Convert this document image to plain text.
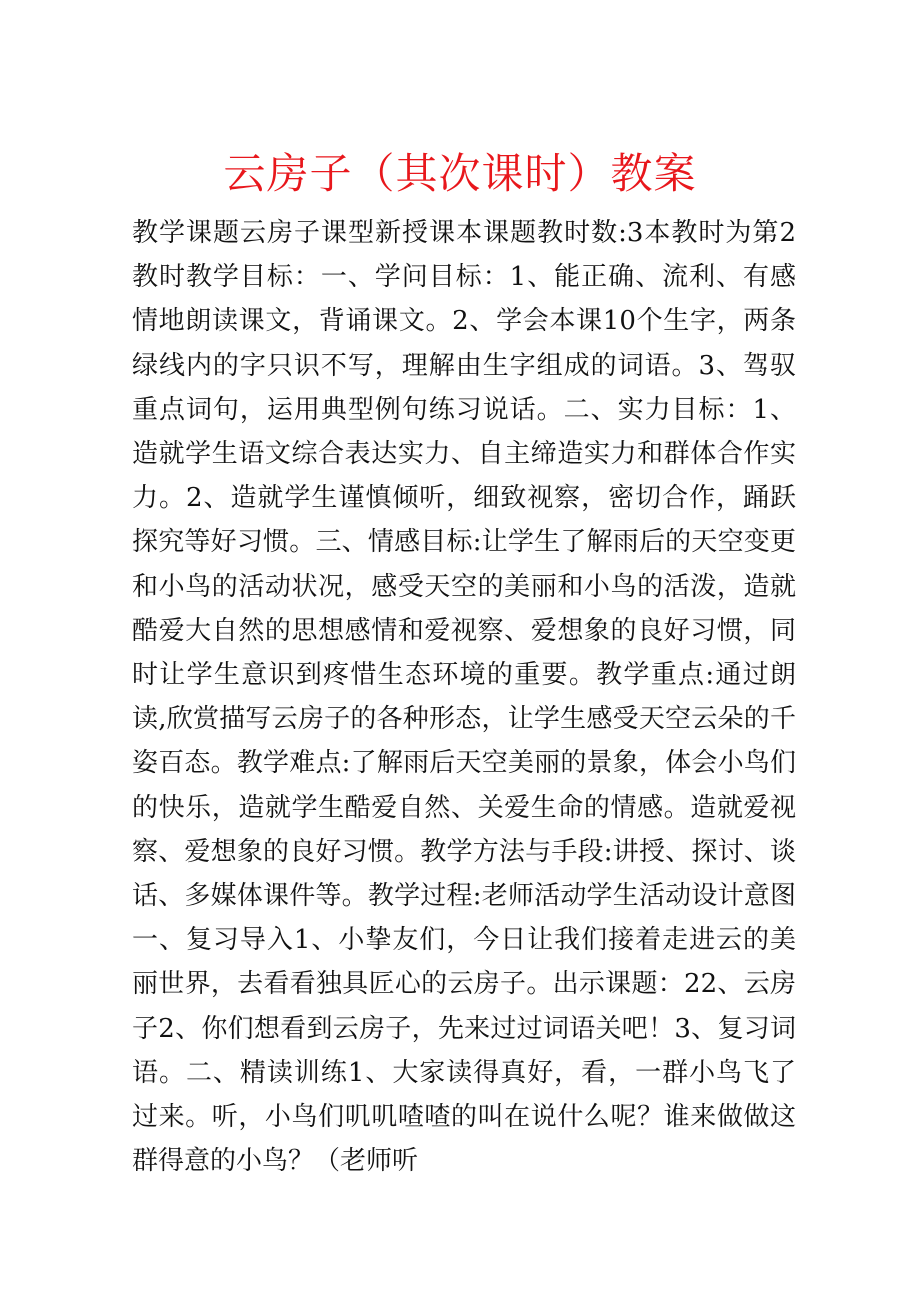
云房子（其次课时）教案

教学课题云房子课型新授课本课题教时数:3本教时为第2教时教学目标：一、学问目标：1、能正确、流利、有感情地朗读课文，背诵课文。2、学会本课10个生字，两条绿线内的字只识不写，理解由生字组成的词语。3、驾驭重点词句，运用典型例句练习说话。二、实力目标：1、造就学生语文综合表达实力、自主缔造实力和群体合作实力。2、造就学生谨慎倾听，细致视察，密切合作，踊跃探究等好习惯。三、情感目标:让学生了解雨后的天空变更和小鸟的活动状况，感受天空的美丽和小鸟的活泼，造就酷爱大自然的思想感情和爱视察、爱想象的良好习惯，同时让学生意识到疼惜生态环境的重要。教学重点:通过朗读,欣赏描写云房子的各种形态，让学生感受天空云朵的千姿百态。教学难点:了解雨后天空美丽的景象，体会小鸟们的快乐，造就学生酷爱自然、关爱生命的情感。造就爱视察、爱想象的良好习惯。教学方法与手段:讲授、探讨、谈话、多媒体课件等。教学过程:老师活动学生活动设计意图一、复习导入1、小挚友们，今日让我们接着走进云的美丽世界，去看看独具匠心的云房子。出示课题：22、云房子2、你们想看到云房子，先来过过词语关吧！3、复习词语。二、精读训练1、大家读得真好，看，一群小鸟飞了过来。听，小鸟们叽叽喳喳的叫在说什么呢？谁来做做这群得意的小鸟？（老师听
